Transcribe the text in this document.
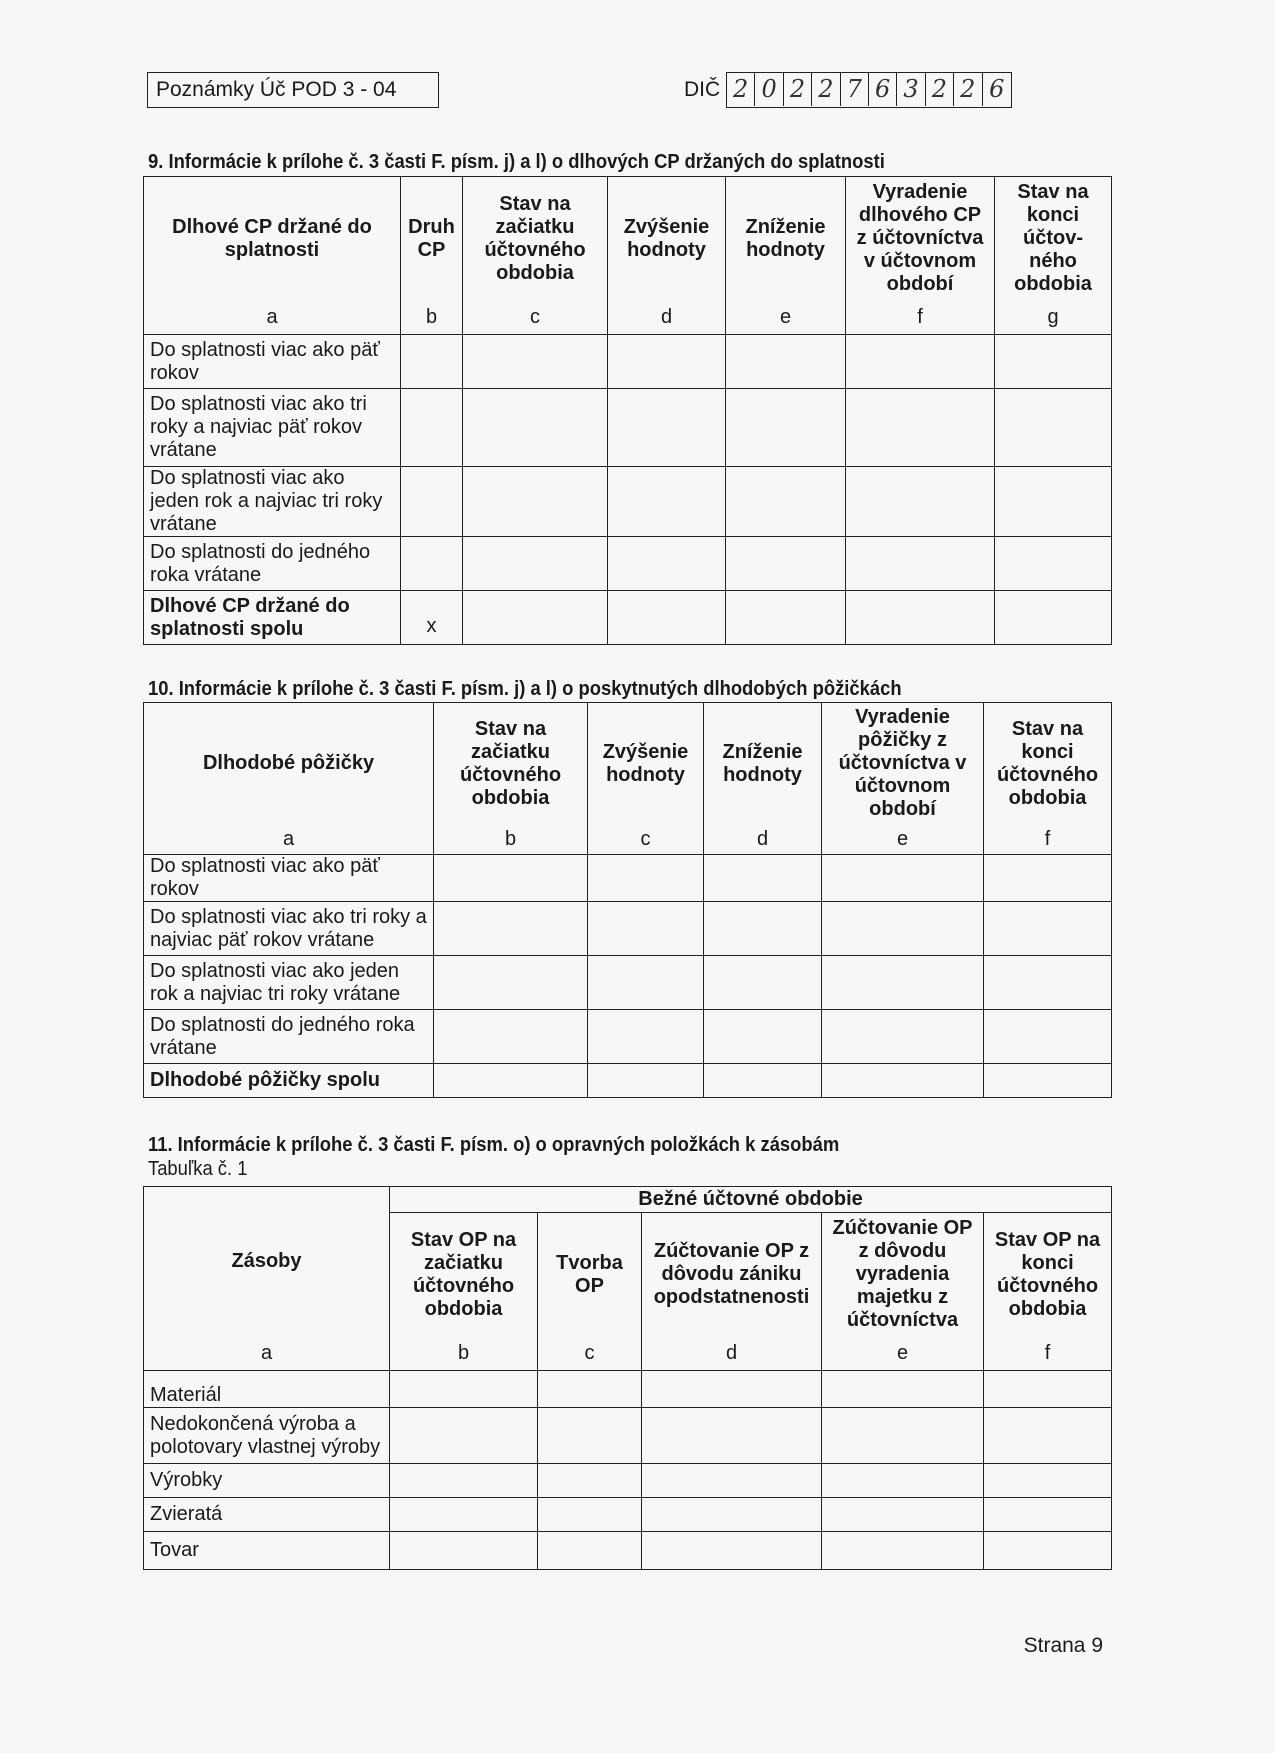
Poznámky Úč POD 3 - 04	DIČ 2 0 2 2 7 6 3 2 2 6
9. Informácie k prílohe č. 3 časti F. písm. j) a l) o dlhových CP držaných do splatnosti
Dlhové CP držané do splatnosti	Druh CP	Stav na začiatku účtovného obdobia	Zvýšenie hodnoty	Zníženie hodnoty	Vyradenie dlhového CP z účtovníctva v účtovnom období	Stav na konci účtov-ného obdobia
a	b	c	d	e	f	g
Do splatnosti viac ako päť rokov						
Do splatnosti viac ako tri roky a najviac päť rokov vrátane						
Do splatnosti viac ako jeden rok a najviac tri roky vrátane						
Do splatnosti do jedného roka vrátane						
Dlhové CP držané do splatnosti spolu	x					
10. Informácie k prílohe č. 3 časti F. písm. j) a l) o poskytnutých dlhodobých pôžičkách
Dlhodobé pôžičky	Stav na začiatku účtovného obdobia	Zvýšenie hodnoty	Zníženie hodnoty	Vyradenie pôžičky z účtovníctva v účtovnom období	Stav na konci účtovného obdobia
a	b	c	d	e	f
Do splatnosti viac ako päť rokov					
Do splatnosti viac ako tri roky a najviac päť rokov vrátane					
Do splatnosti viac ako jeden rok a najviac tri roky vrátane					
Do splatnosti do jedného roka vrátane					
Dlhodobé pôžičky spolu					
11. Informácie k prílohe č. 3 časti F. písm. o) o opravných položkách k zásobám
Tabuľka č. 1
Zásoby	Bežné účtovné obdobie				
	Stav OP na začiatku účtovného obdobia	Tvorba OP	Zúčtovanie OP z dôvodu zániku opodstatnenosti	Zúčtovanie OP z dôvodu vyradenia majetku z účtovníctva	Stav OP na konci účtovného obdobia
a	b	c	d	e	f
Materiál					
Nedokončená výroba a polotovary vlastnej výroby					
Výrobky					
Zvieratá					
Tovar					
Strana 9
